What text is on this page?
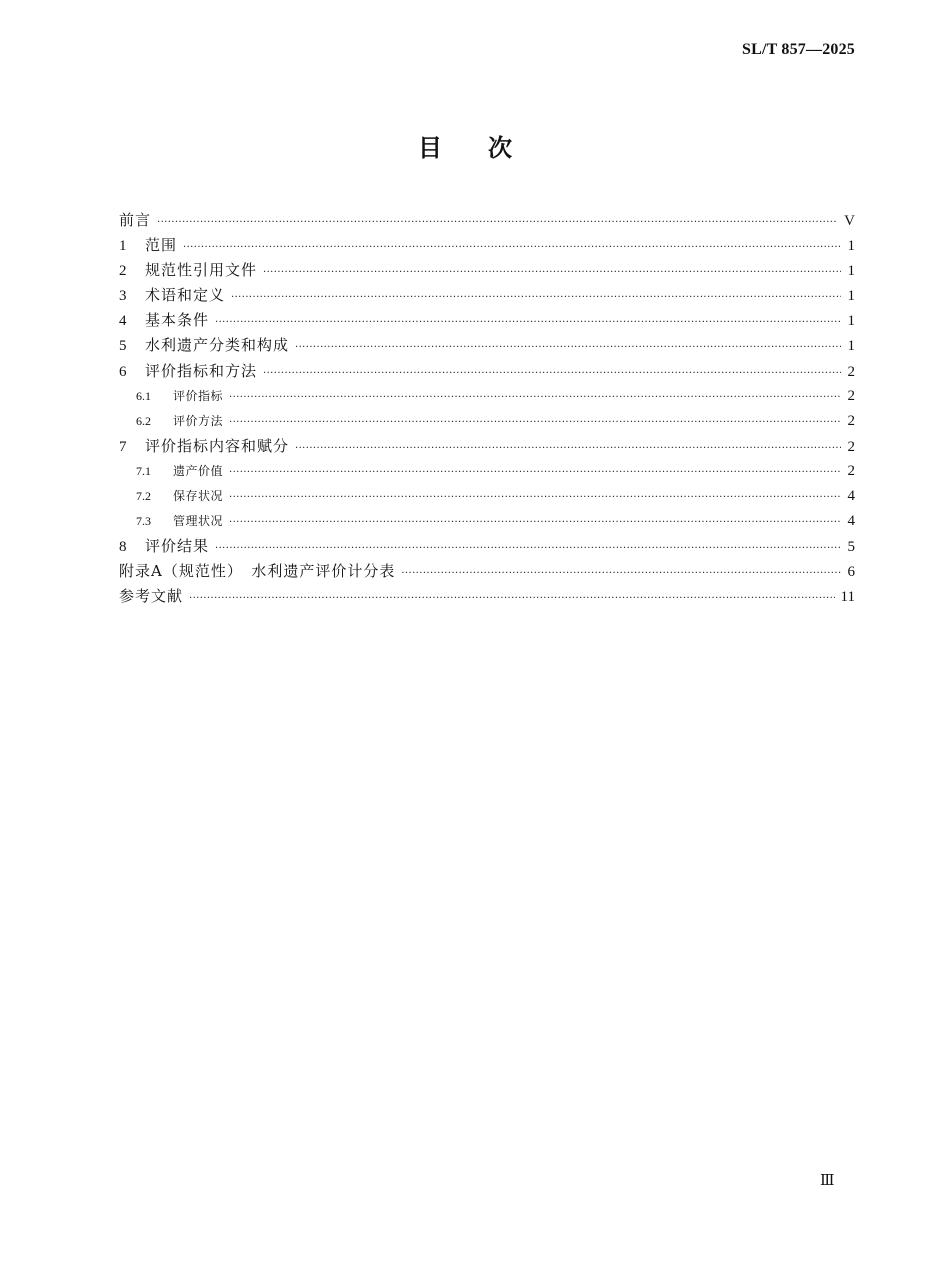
SL/T 857—2025
目次
前言 ·····	V
1	范围 ·····	1
2	规范性引用文件 ·····	1
3	术语和定义 ·····	1
4	基本条件 ·····	1
5	水利遗产分类和构成 ·····	1
6	评价指标和方法 ·····	2
6.1	评价指标 ·····	2
6.2	评价方法 ·····	2
7	评价指标内容和赋分 ·····	2
7.1	遗产价值 ·····	2
7.2	保存状况 ·····	4
7.3	管理状况 ·····	4
8	评价结果 ·····	5
附录A（规范性）　水利遗产评价计分表 ·····	6
参考文献 ·····	11
Ⅲ
